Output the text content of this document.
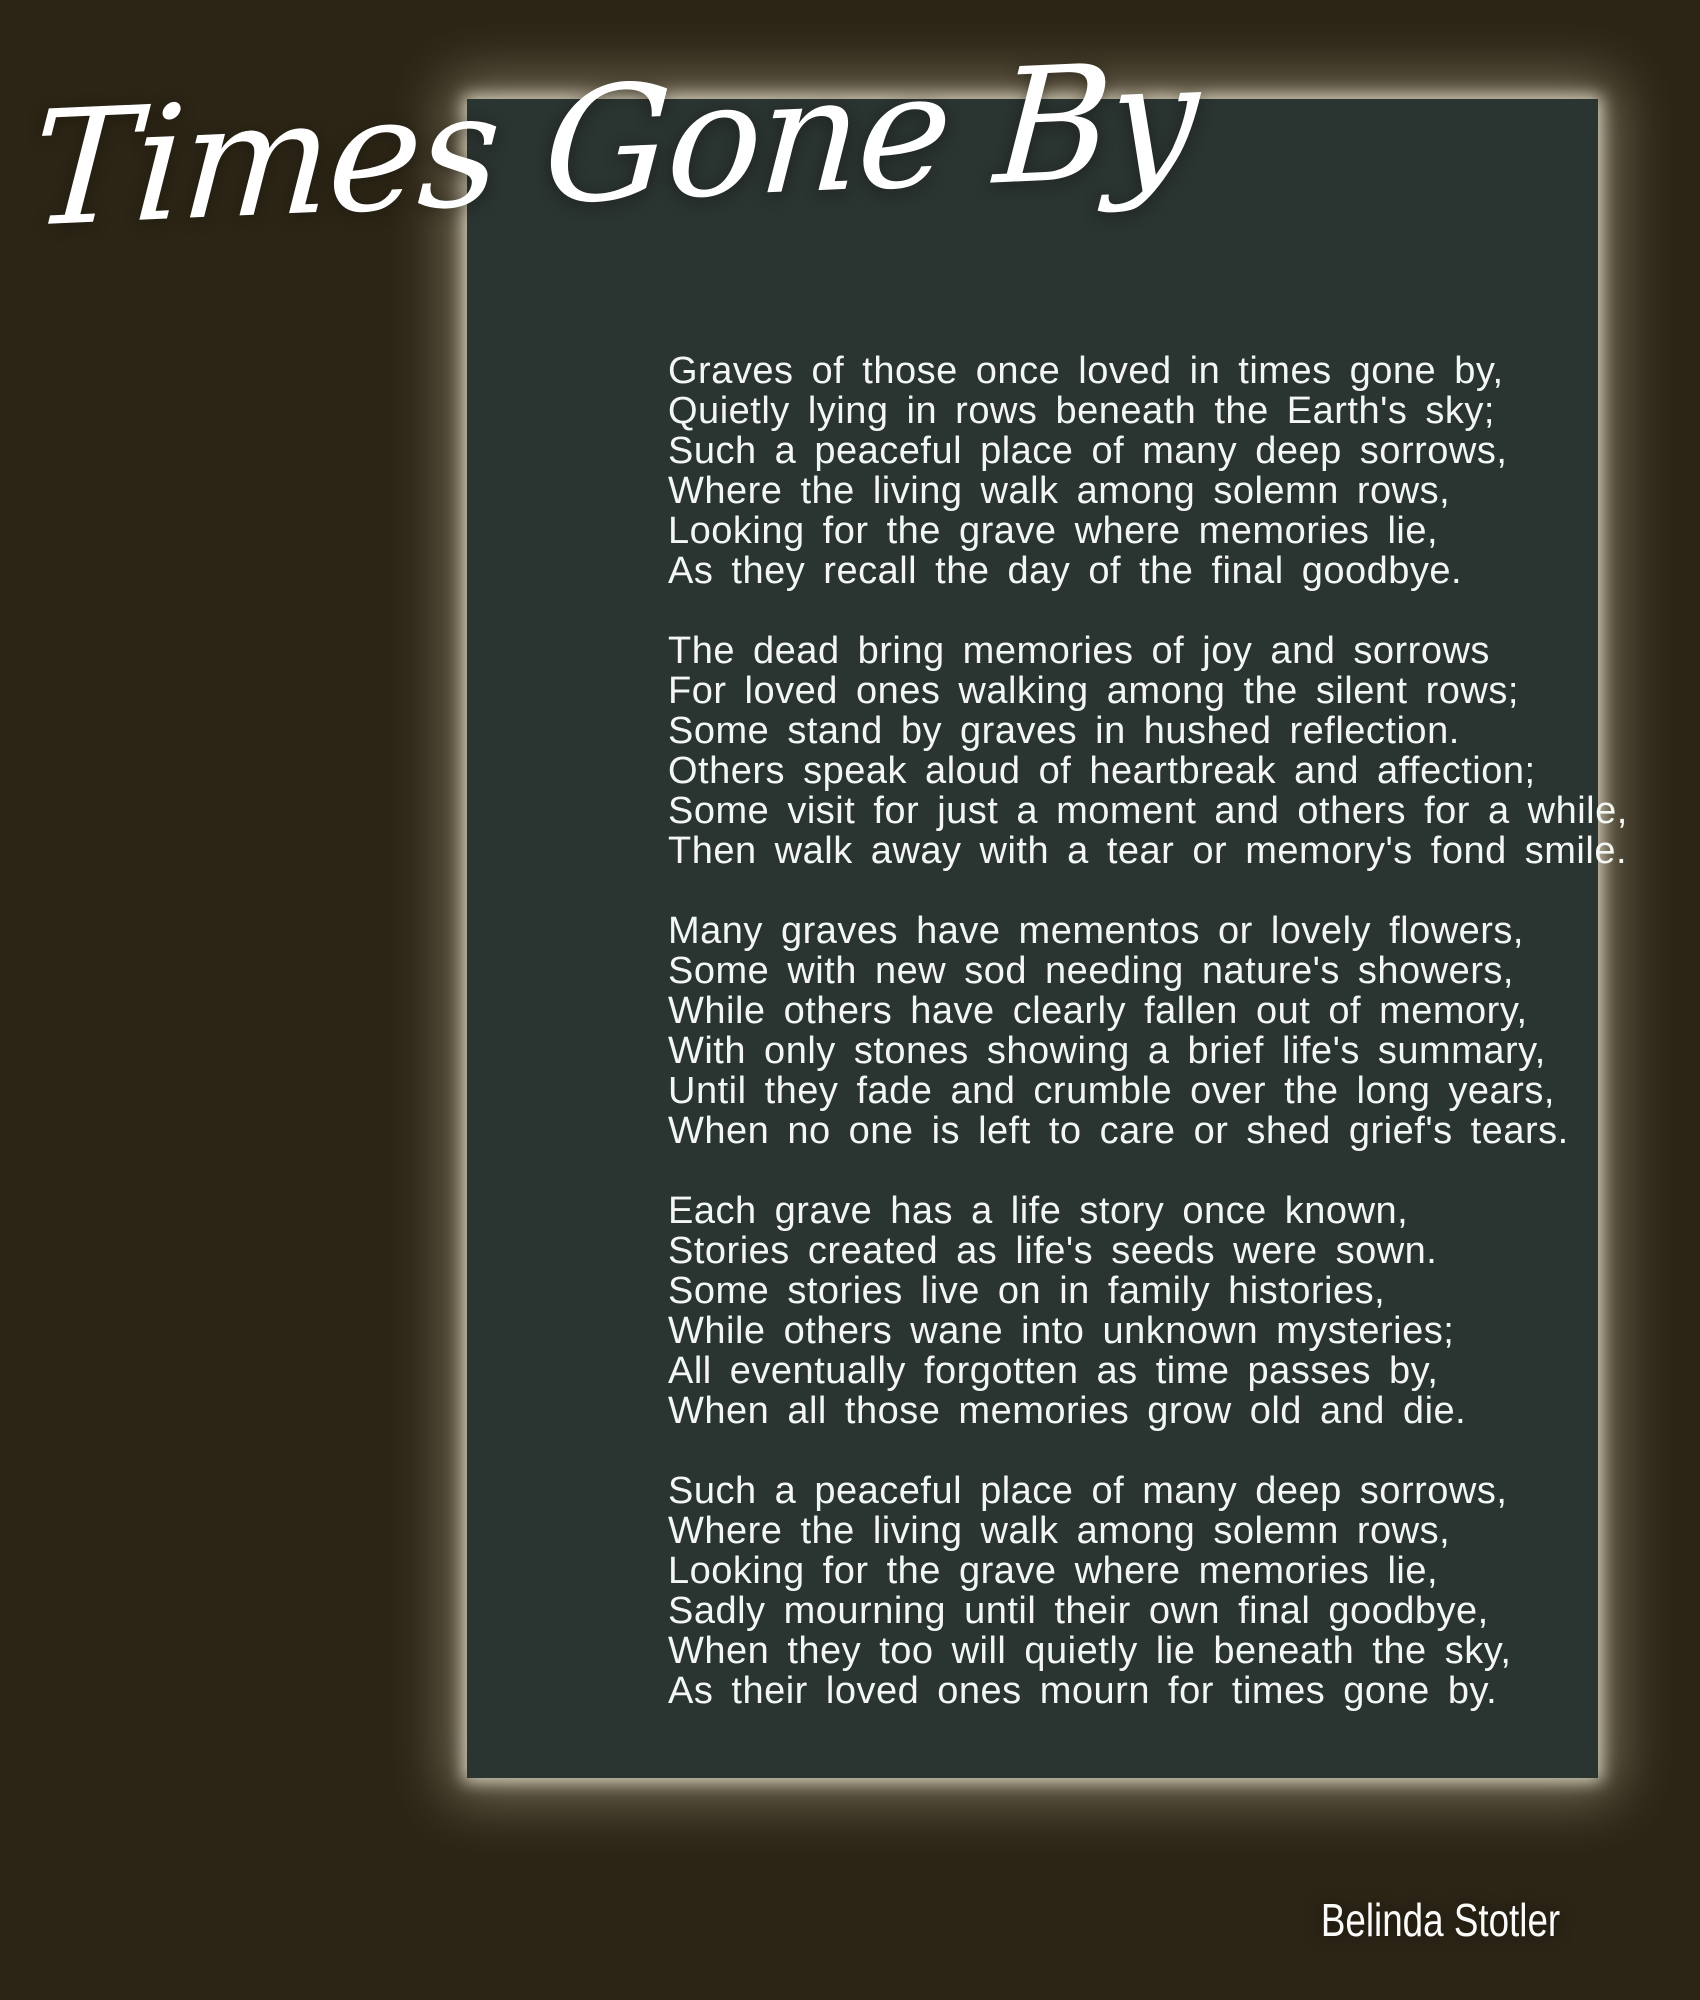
Times Gone By

Graves of those once loved in times gone by,
Quietly lying in rows beneath the Earth's sky;
Such a peaceful place of many deep sorrows,
Where the living walk among solemn rows,
Looking for the grave where memories lie,
As they recall the day of the final goodbye.

The dead bring memories of joy and sorrows
For loved ones walking among the silent rows;
Some stand by graves in hushed reflection.
Others speak aloud of heartbreak and affection;
Some visit for just a moment and others for a while,
Then walk away with a tear or memory's fond smile.

Many graves have mementos or lovely flowers,
Some with new sod needing nature's showers,
While others have clearly fallen out of memory,
With only stones showing a brief life's summary,
Until they fade and crumble over the long years,
When no one is left to care or shed grief's tears.

Each grave has a life story once known,
Stories created as life's seeds were sown.
Some stories live on in family histories,
While others wane into unknown mysteries;
All eventually forgotten as time passes by,
When all those memories grow old and die.

Such a peaceful place of many deep sorrows,
Where the living walk among solemn rows,
Looking for the grave where memories lie,
Sadly mourning until their own final goodbye,
When they too will quietly lie beneath the sky,
As their loved ones mourn for times gone by.

Belinda Stotler
